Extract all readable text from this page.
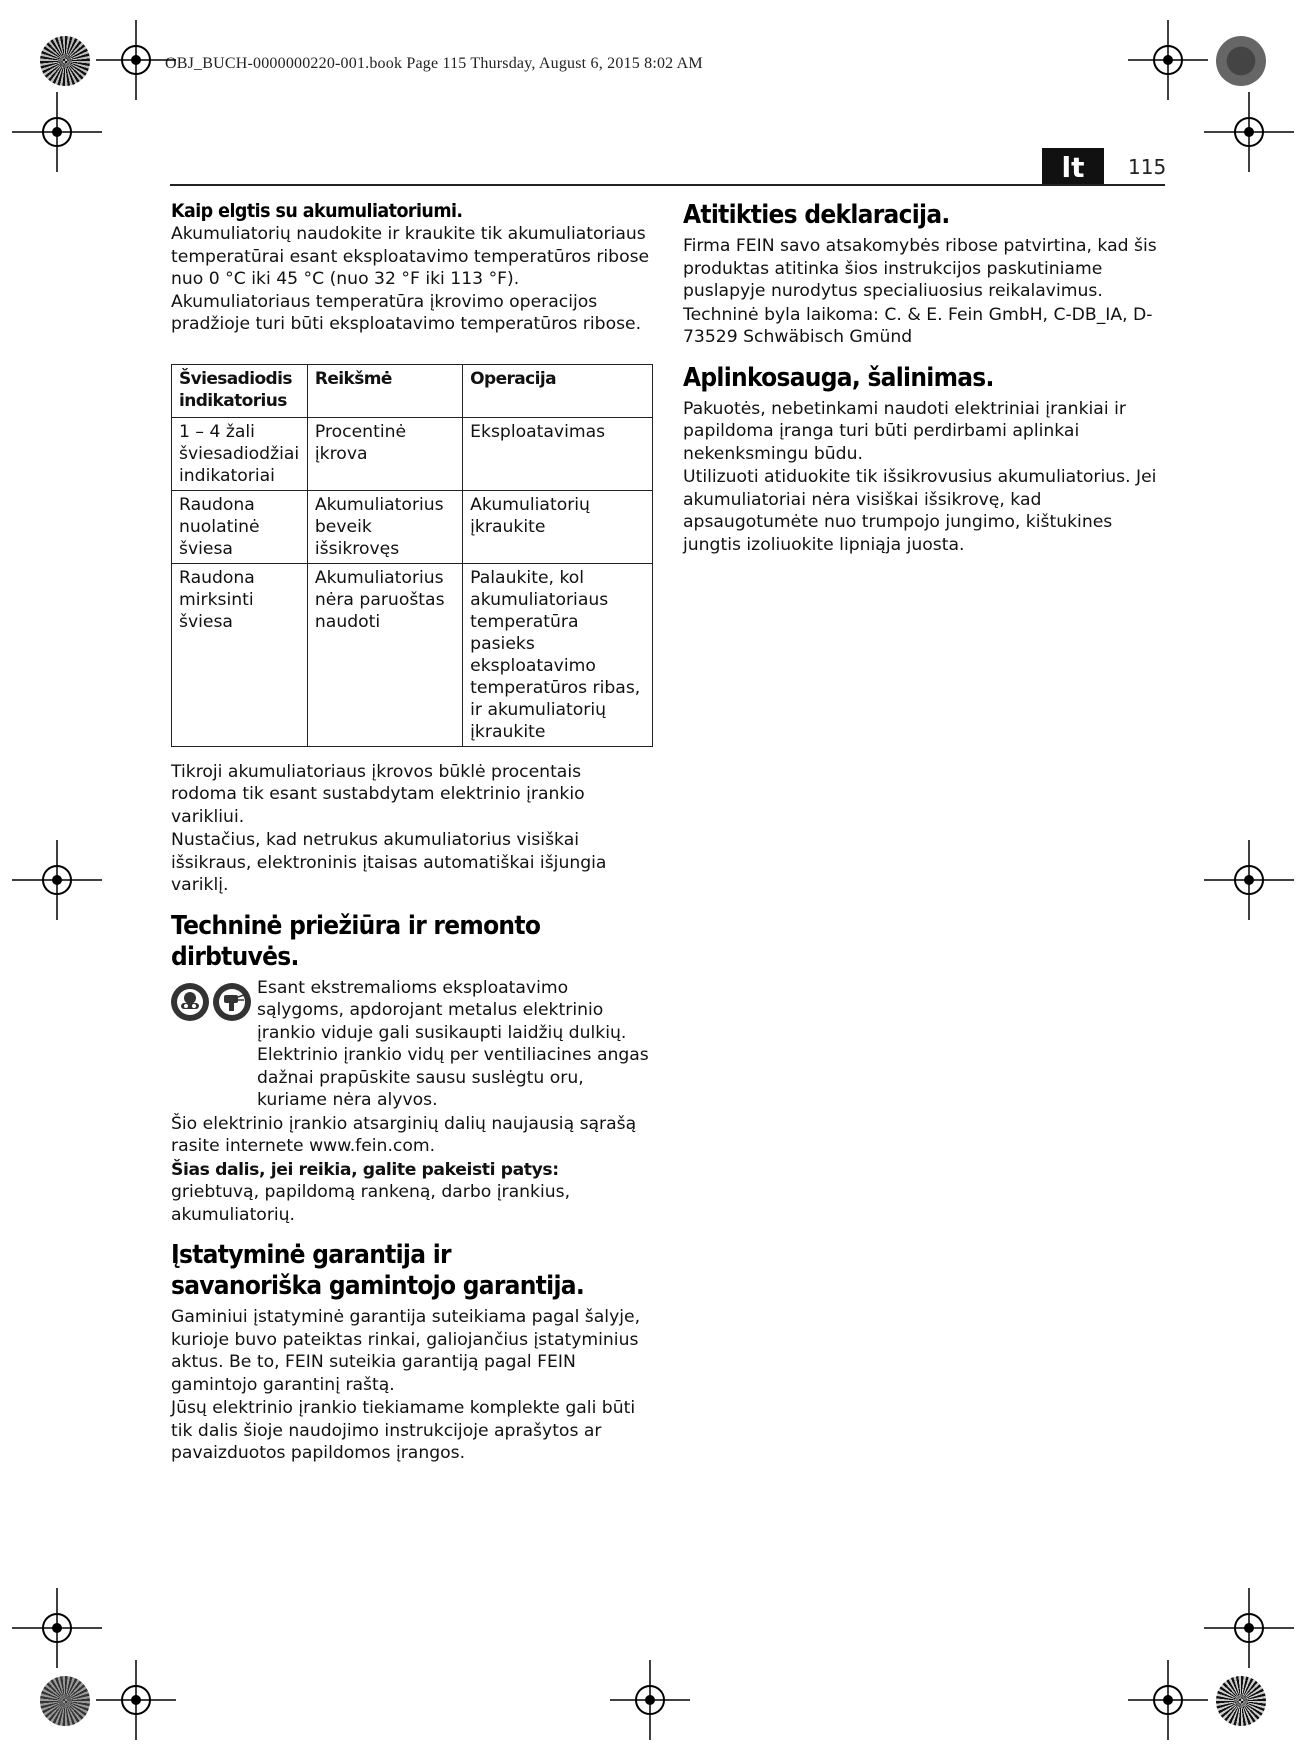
OBJ_BUCH-0000000220-001.book Page 115 Thursday, August 6, 2015 8:02 AM
lt	115
Kaip elgtis su akumuliatoriumi.

Akumuliatorių naudokite ir kraukite tik akumuliatoriaus temperatūrai esant eksploatavimo temperatūros ribose nuo 0 °C iki 45 °C (nuo 32 °F iki 113 °F). Akumuliatoriaus temperatūra įkrovimo operacijos pradžioje turi būti eksploatavimo temperatūros ribose.

Šviesadiodis indikatorius	Reikšmė	Operacija
1 – 4 žali šviesadiodžiai indikatoriai	Procentinė įkrova	Eksploatavimas
Raudona nuolatinė šviesa	Akumuliatorius beveik išsikrovęs	Akumuliatorių įkraukite
Raudona mirksinti šviesa	Akumuliatorius nėra paruoštas naudoti	Palaukite, kol akumuliatoriaus temperatūra pasieks eksploatavimo temperatūros ribas, ir akumuliatorių įkraukite

Tikroji akumuliatoriaus įkrovos būklė procentais rodoma tik esant sustabdytam elektrinio įrankio varikliui.

Nustačius, kad netrukus akumuliatorius visiškai išsikraus, elektroninis įtaisas automatiškai išjungia variklį.

Techninė priežiūra ir remonto dirbtuvės.

Esant ekstremalioms eksploatavimo sąlygoms, apdorojant metalus elektrinio įrankio viduje gali susikaupti laidžių dulkių. Elektrinio įrankio vidų per ventiliacines angas dažnai prapūskite sausu suslėgtu oru, kuriame nėra alyvos.

Šio elektrinio įrankio atsarginių dalių naujausią sąrašą rasite internete www.fein.com.

Šias dalis, jei reikia, galite pakeisti patys: griebtuvą, papildomą rankeną, darbo įrankius, akumuliatorių.

Įstatyminė garantija ir savanoriška gamintojo garantija.

Gaminiui įstatyminė garantija suteikiama pagal šalyje, kurioje buvo pateiktas rinkai, galiojančius įstatyminius aktus. Be to, FEIN suteikia garantiją pagal FEIN gamintojo garantinį raštą.

Jūsų elektrinio įrankio tiekiamame komplekte gali būti tik dalis šioje naudojimo instrukcijoje aprašytos ar pavaizduotos papildomos įrangos.

Atitikties deklaracija.

Firma FEIN savo atsakomybės ribose patvirtina, kad šis produktas atitinka šios instrukcijos paskutiniame puslapyje nurodytus specialiuosius reikalavimus.

Techninė byla laikoma: C. & E. Fein GmbH, C-DB_IA, D-73529 Schwäbisch Gmünd

Aplinkosauga, šalinimas.

Pakuotės, nebetinkami naudoti elektriniai įrankiai ir papildoma įranga turi būti perdirbami aplinkai nekenksmingu būdu.

Utilizuoti atiduokite tik išsikrovusius akumuliatorius. Jei akumuliatoriai nėra visiškai išsikrovę, kad apsaugotumėte nuo trumpojo jungimo, kištukines jungtis izoliuokite lipniąja juosta.
